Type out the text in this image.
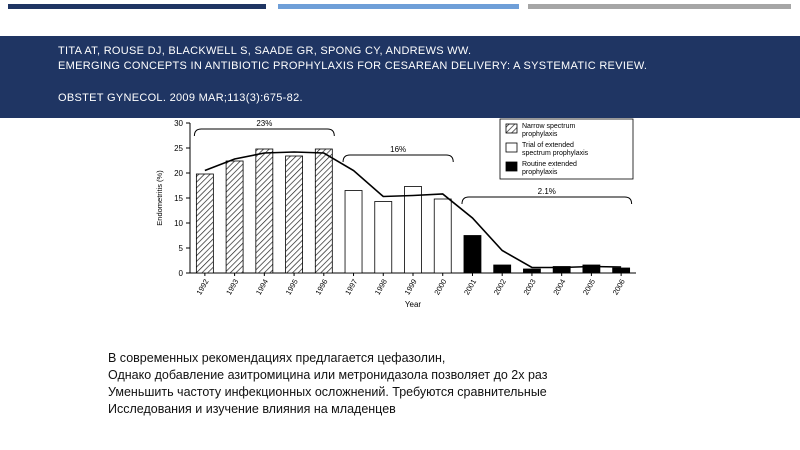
TITA AT, ROUSE DJ, BLACKWELL S, SAADE GR, SPONG CY, ANDREWS WW.
EMERGING CONCEPTS IN ANTIBIOTIC PROPHYLAXIS FOR CESAREAN DELIVERY: A SYSTEMATIC REVIEW.
OBSTET GYNECOL. 2009 MAR;113(3):675-82.
0
5
10
15
20
25
30
1992 1993 1994 1995 1996 1997 1998 1999 2000 2001 2002 2003 2004 2005 2006
Endometritis (%)
Year
23%
16%
2.1%
Narrow spectrum prophylaxis
Trial of extended spectrum prophylaxis
Routine extended prophylaxis
В современных рекомендациях предлагается цефазолин,
Однако добавление азитромицина или метронидазола позволяет до 2х раз
Уменьшить частоту инфекционных осложнений. Требуются сравнительные
Исследования и изучение влияния на младенцев
